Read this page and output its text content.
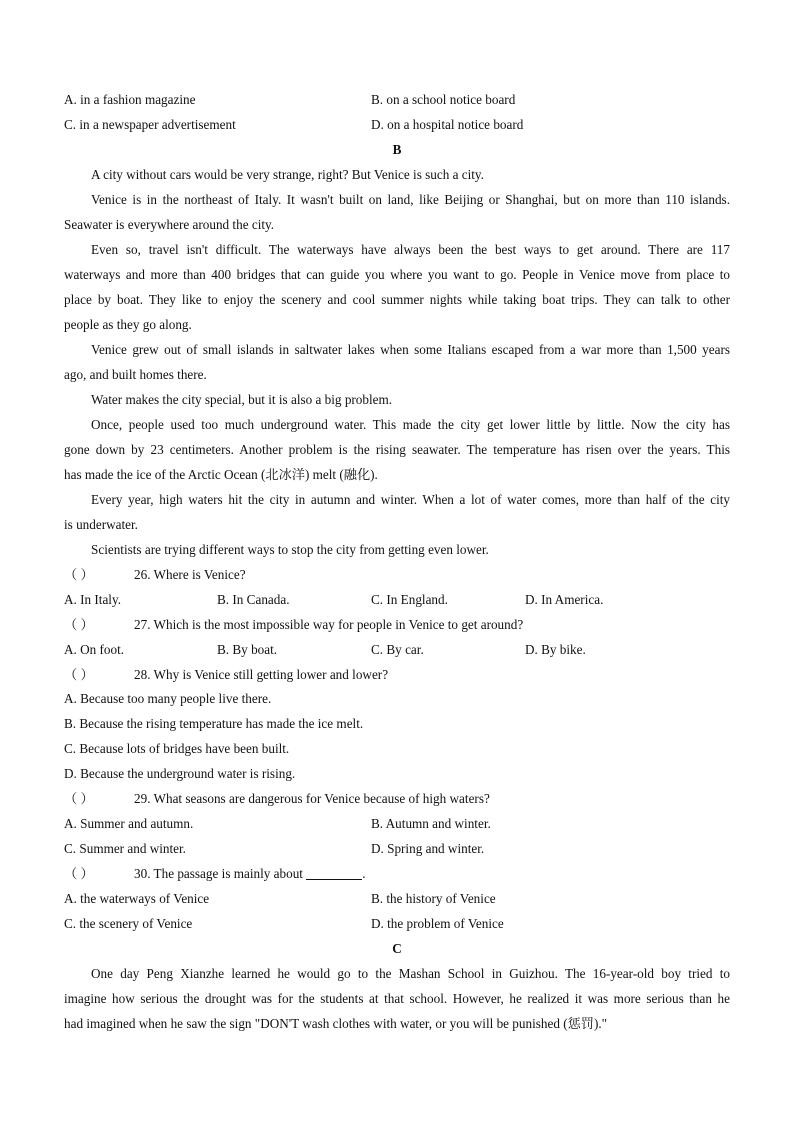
A. in a fashion magazine	B. on a school notice board
C. in a newspaper advertisement	D. on a hospital notice board
B
A city without cars would be very strange, right? But Venice is such a city.
Venice is in the northeast of Italy. It wasn't built on land, like Beijing or Shanghai, but on more than 110 islands.
Seawater is everywhere around the city.
Even so, travel isn't difficult. The waterways have always been the best ways to get around. There are 117
waterways and more than 400 bridges that can guide you where you want to go. People in Venice move from place to
place by boat. They like to enjoy the scenery and cool summer nights while taking boat trips. They can talk to other
people as they go along.
Venice grew out of small islands in saltwater lakes when some Italians escaped from a war more than 1,500 years
ago, and built homes there.
Water makes the city special, but it is also a big problem.
Once, people used too much underground water. This made the city get lower little by little. Now the city has
gone down by 23 centimeters. Another problem is the rising seawater. The temperature has risen over the years. This
has made the ice of the Arctic Ocean (北冰洋) melt (融化).
Every year, high waters hit the city in autumn and winter. When a lot of water comes, more than half of the city
is underwater.
Scientists are trying different ways to stop the city from getting even lower.
（ ）	26. Where is Venice?
A. In Italy.	B. In Canada.	C. In England.	D. In America.
（ ）	27. Which is the most impossible way for people in Venice to get around?
A. On foot.	B. By boat.	C. By car.	D. By bike.
（ ）	28. Why is Venice still getting lower and lower?
A. Because too many people live there.
B. Because the rising temperature has made the ice melt.
C. Because lots of bridges have been built.
D. Because the underground water is rising.
（ ）	29. What seasons are dangerous for Venice because of high waters?
A. Summer and autumn.	B. Autumn and winter.
C. Summer and winter.	D. Spring and winter.
（ ）	30. The passage is mainly about	.
A. the waterways of Venice	B. the history of Venice
C. the scenery of Venice	D. the problem of Venice
C
One day Peng Xianzhe learned he would go to the Mashan School in Guizhou. The 16-year-old boy tried to
imagine how serious the drought was for the students at that school. However, he realized it was more serious than he
had imagined when he saw the sign "DON'T wash clothes with water, or you will be punished (惩罚)."
